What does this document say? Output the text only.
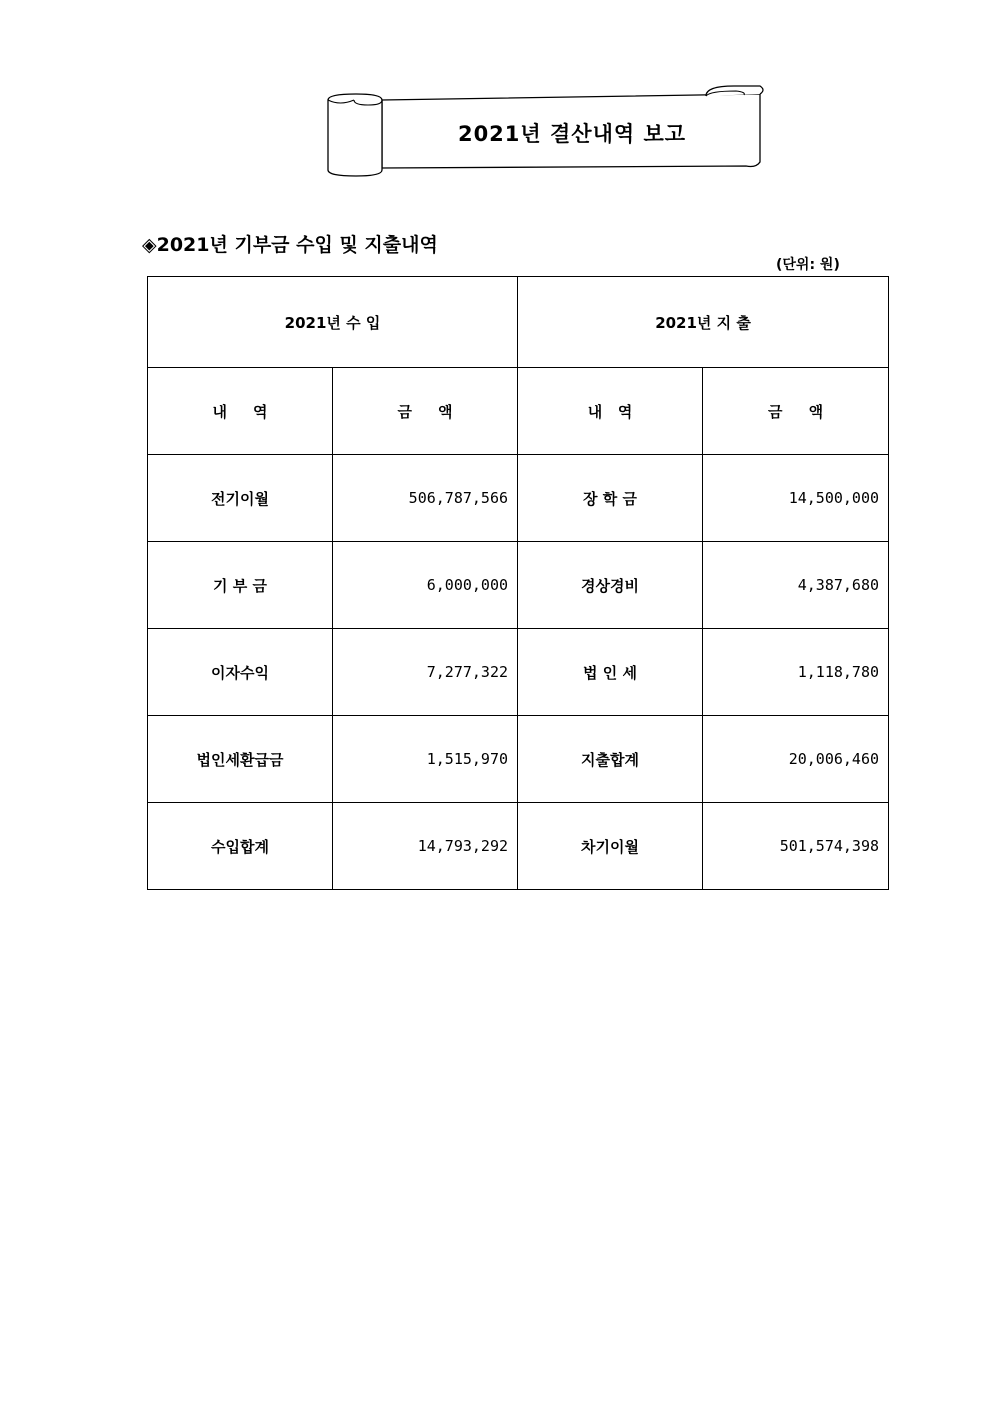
2021년 결산내역 보고
◈2021년 기부금 수입 및 지출내역
(단위: 원)
2021년 수 입		2021년 지 출	
내     역	금     액	내   역	금     액
전기이월	506,787,566	장 학 금	14,500,000
기 부 금	6,000,000	경상경비	4,387,680
이자수익	7,277,322	법 인 세	1,118,780
법인세환급금	1,515,970	지출합계	20,006,460
수입합계	14,793,292	차기이월	501,574,398
